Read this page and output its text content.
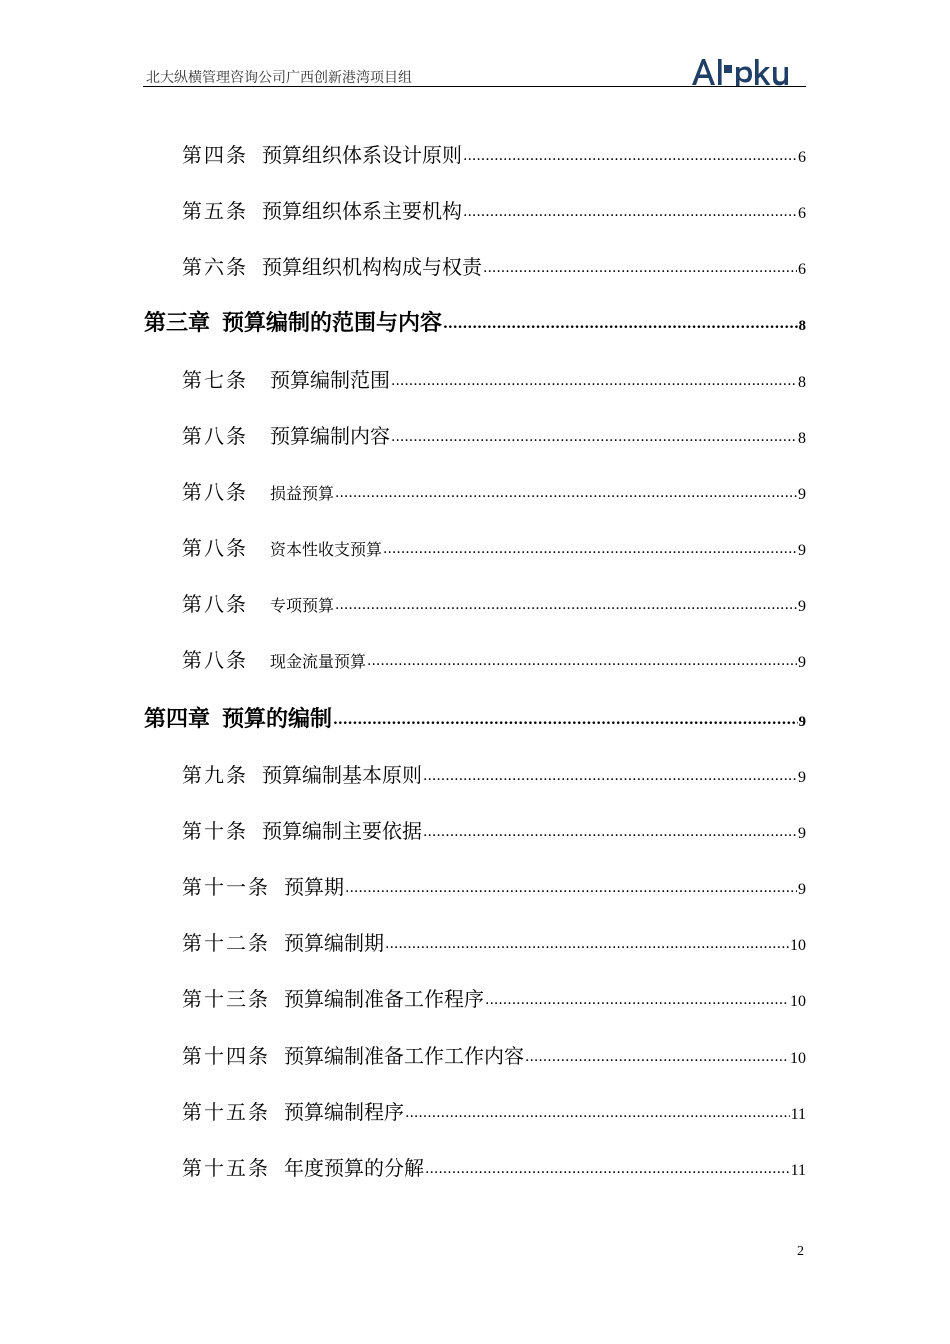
北大纵横管理咨询公司广西创新港湾项目组
第四条 预算组织体系设计原则 .....	6
第五条 预算组织体系主要机构 .....	6
第六条 预算组织机构构成与权责 .....	6
第三章 预算编制的范围与内容 .....	8
第七条 预算编制范围 .....	8
第八条 预算编制内容 .....	8
第八条 损益预算 .....	9
第八条 资本性收支预算 .....	9
第八条 专项预算 .....	9
第八条 现金流量预算 .....	9
第四章 预算的编制 .....	9
第九条 预算编制基本原则 .....	9
第十条 预算编制主要依据 .....	9
第十一条 预算期 .....	9
第十二条 预算编制期 .....	10
第十三条 预算编制准备工作程序 .....	10
第十四条 预算编制准备工作工作内容 .....	10
第十五条 预算编制程序 .....	11
第十五条 年度预算的分解 .....	11
2
